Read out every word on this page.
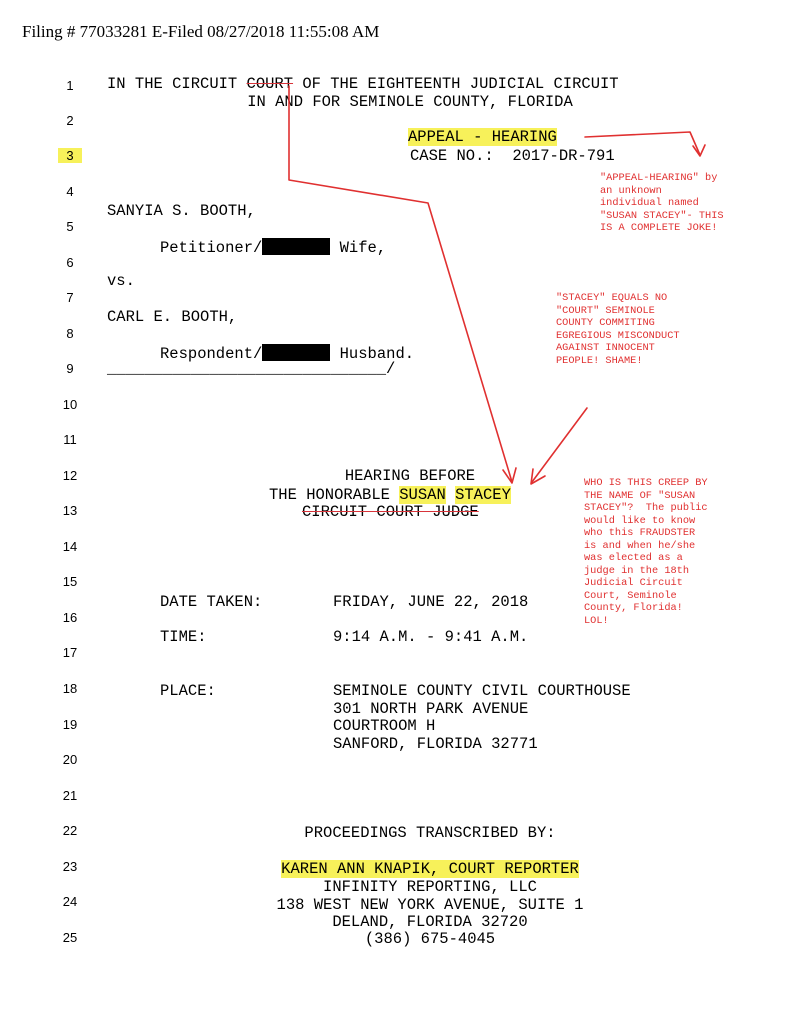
Filing # 77033281 E-Filed 08/27/2018 11:55:08 AM
1
2
3
4
5
6
7
8
9
10
11
12
13
14
15
16
17
18
19
20
21
22
23
24
25
IN THE CIRCUIT COURT OF THE EIGHTEENTH JUDICIAL CIRCUIT
IN AND FOR SEMINOLE COUNTY, FLORIDA
APPEAL - HEARING
CASE NO.:  2017-DR-791
SANYIA S. BOOTH,
Petitioner/	Wife,
vs.
CARL E. BOOTH,
Respondent/	Husband.
______________________________/
HEARING BEFORE
THE HONORABLE SUSAN STACEY
CIRCUIT COURT JUDGE
DATE TAKEN:	FRIDAY, JUNE 22, 2018
TIME:	9:14 A.M. - 9:41 A.M.
PLACE:	SEMINOLE COUNTY CIVIL COURTHOUSE
301 NORTH PARK AVENUE
COURTROOM H
SANFORD, FLORIDA 32771
PROCEEDINGS TRANSCRIBED BY:
KAREN ANN KNAPIK, COURT REPORTER
INFINITY REPORTING, LLC
138 WEST NEW YORK AVENUE, SUITE 1
DELAND, FLORIDA 32720
(386) 675-4045
"APPEAL-HEARING" by
an unknown
individual named
"SUSAN STACEY"- THIS
IS A COMPLETE JOKE!
"STACEY" EQUALS NO
"COURT" SEMINOLE
COUNTY COMMITING
EGREGIOUS MISCONDUCT
AGAINST INNOCENT
PEOPLE! SHAME!
WHO IS THIS CREEP BY
THE NAME OF "SUSAN
STACEY"?  The public
would like to know
who this FRAUDSTER
is and when he/she
was elected as a
judge in the 18th
Judicial Circuit
Court, Seminole
County, Florida!
LOL!
